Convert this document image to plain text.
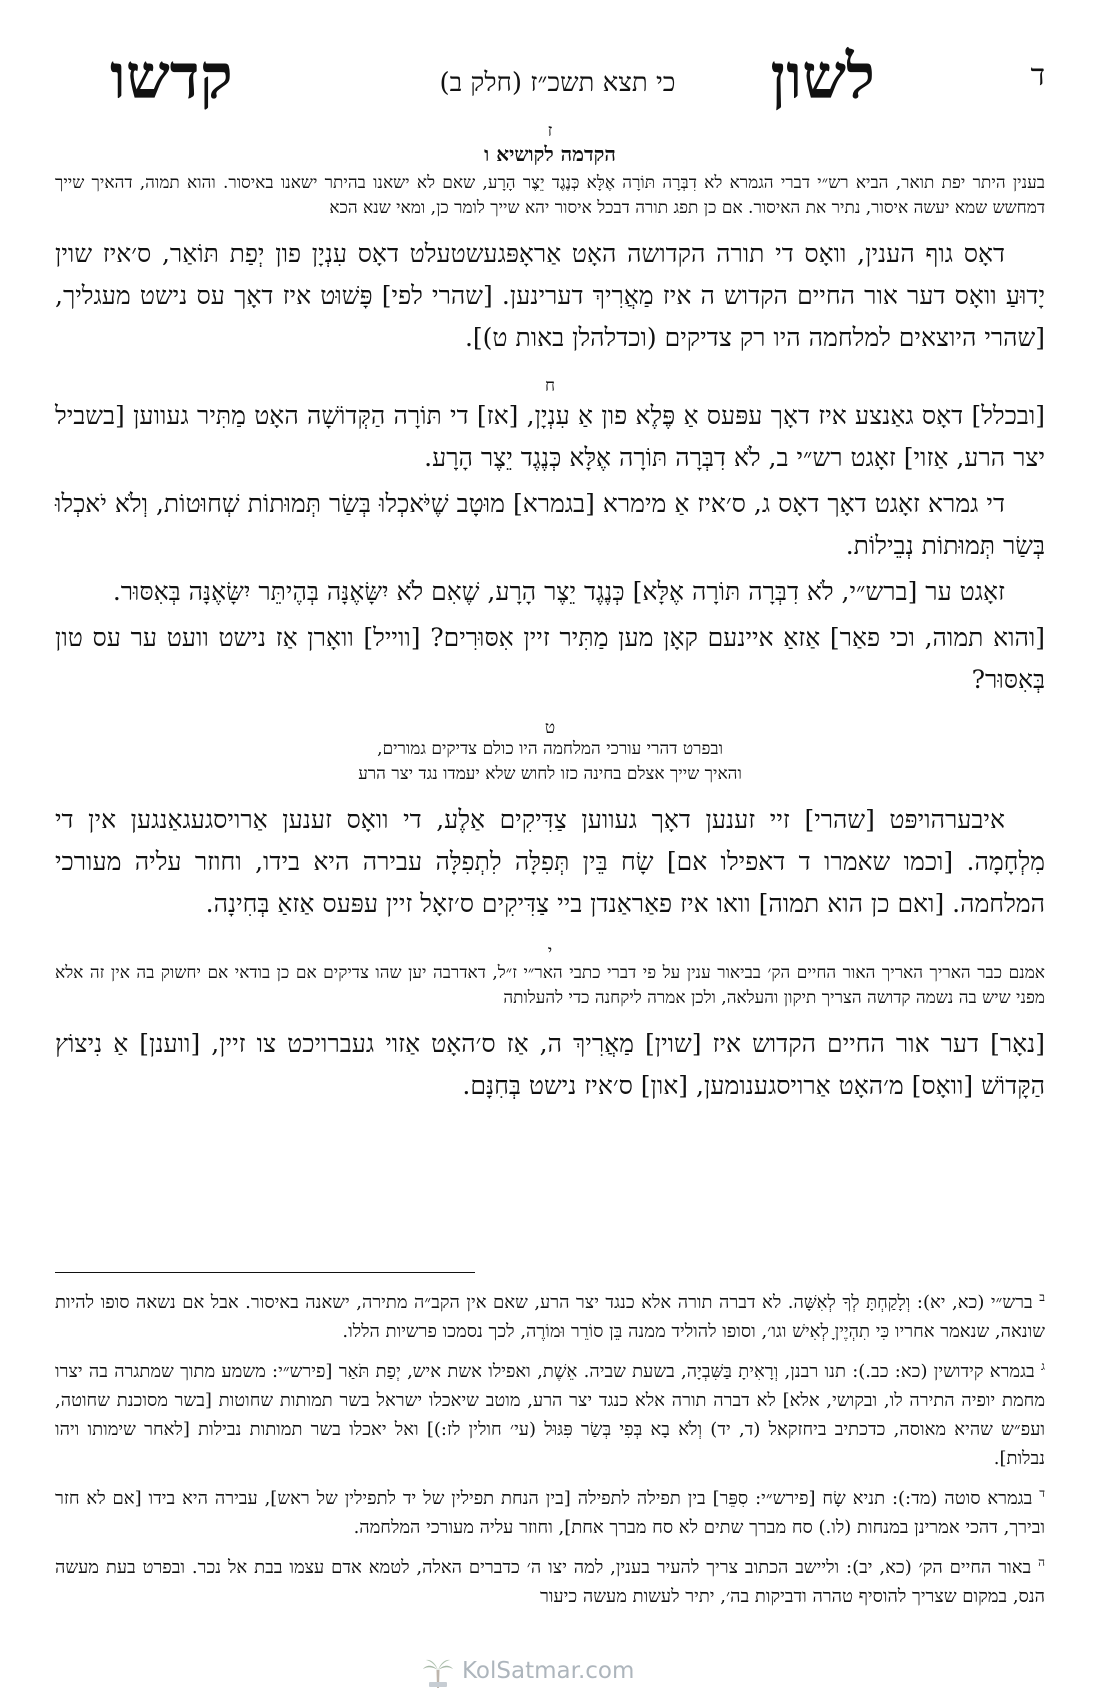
ד
לשון
כי תצא תשכ״ז (חלק ב)
קדשו

ז

הקדמה לקושיא ו

בענין היתר יפת תואר, הביא רש״י דברי הגמרא לא דִבְּרָה תּוֹרָה אֶלָּא כְּנֶגֶד יֵצֶר הָרָע, שאם לא ישאנו בהיתר ישאנו באיסור. והוא תמוה, דהאיך שייך דמחשש שמא יעשה איסור, נתיר את האיסור. אם כן תפג תורה דבכל איסור יהא שייך לומר כן, ומאי שנא הכא

דאָס גוף הענין, וואָס די תורה הקדושה האָט אַראָפּגעשטעלט דאָס עִנְיָן פון יְפַת תּוֹאַר, ס׳איז שוין יָדוּעַ וואָס דער אור החיים הקדוש ה איז מַאֲרִיךְ דערינען. [שהרי לפי] פָּשׁוּט איז דאָך עס נישט מעגליך, [שהרי היוצאים למלחמה היו רק צדיקים (וכדלהלן באות ט)].

ח

[ובכלל] דאָס גאַנצע איז דאָך עפּעס אַ פֶּלֶא פון אַ עִנְיָן, [אז] די תּוֹרָה הַקְּדוֹשָׁה האָט מַתִּיר געווען [בשביל יצר הרע, אַזוי] זאָגט רש״י ב, לֹא דִבְּרָה תּוֹרָה אֶלָּא כְּנֶגֶד יֵצֶר הָרָע.

די גמרא זאָגט דאָך דאָס ג, ס׳איז אַ מימרא [בגמרא] מוּטָב שֶׁיֹּאכְלוּ בְּשַׂר תְּמוּתוֹת שְׁחוּטוֹת, וְלֹא יֹאכְלוּ בְּשַׂר תְּמוּתוֹת נְבֵילוֹת.

זאָגט ער [ברש״י, לֹא דִבְּרָה תּוֹרָה אֶלָּא] כְּנֶגֶד יֵצֶר הָרָע, שֶׁאִם לֹא יִשָּׂאֶנָּה בְּהֶיתֵּר יִשָּׂאֶנָּה בְּאִסּוּר.

[והוא תמוה, וכי פאַר] אַזאַ איינעם קאָן מען מַתִּיר זיין אִסּוּרִים? [ווייל] וואָרן אַז נישט וועט ער עס טון בְּאִסּוּר?

ט

ובפרט דהרי עורכי המלחמה היו כולם צדיקים גמורים,

והאיך שייך אצלם בחינה כזו לחוש שלא יעמדו נגד יצר הרע

איבערהויפּט [שהרי] זיי זענען דאָך געווען צַדִּיקִים אַלֶע, די וואָס זענען אַרויסגעגאַנגען אין די מִלְחָמָה. [וכמו שאמרו ד דאפילו אם] שָׂח בֵּין תְּפִלָּה לִתְפִלָּה עבירה היא בידו, וחוזר עליה מעורכי המלחמה. [ואם כן הוא תמוה] וואו איז פאַראַנדן ביי צַדִּיקִים ס׳זאָל זיין עפּעס אַזאַ בְּחִינָה.

י

אמנם כבר האריך האריך האור החיים הק׳ בביאור ענין על פי דברי כתבי האר״י ז״ל, דאדרבה יען שהו צדיקים אם כן בודאי אם יחשוק בה אין זה אלא מפני שיש בה נשמה קדושה הצריך תיקון והעלאה, ולכן אמרה ליקחנה כדי להעלותה

[נאָר] דער אור החיים הקדוש איז [שוין] מַאֲרִיךְ ה, אַז ס׳האָט אַזוי געברויכט צו זיין, [ווענן] אַ נִיצוֹץ הַקָּדוֹשׁ [וואָס] מ׳האָט אַרויסגענומען, [און] ס׳איז נישט בְּחִנָּם.

$^ב$ ברש״י (כא, יא): וְלָקַחְתָּ לְךָ לְאִשָּׁה. לא דברה תורה אלא כנגד יצר הרע, שאם אין הקב״ה מתירה, ישאנה באיסור. אבל אם נשאה סופו להיות שונאה, שנאמר אחריו כִּי תִהְיֶיןָ לְאִישׁ וגו׳, וסופו להוליד ממנה בֵּן סוֹרֵר וּמוֹרֶה, לכך נסמכו פרשיות הללו.

$^ג$ בגמרא קידושין (כא: כב.): תנו רבנן, וְרָאִיתָ בַּשִּׁבְיָה, בשעת שביה. אֵשֶׁת, ואפילו אשת איש, יְפַת תֹּאַר [פירש״י: משמע מתוך שמתגרה בה יצרו מחמת יופיה התירה לו, ובקושי, אלא] לא דברה תורה אלא כנגד יצר הרע, מוטב שיאכלו ישראל בשר תמותות שחוטות [בשר מסוכנת שחוטה, ועפ״ש שהיא מאוסה, כדכתיב ביחזקאל (ד, יד) וְלֹא בָא בְּפִי בְּשַׂר פִּגּוּל (עי׳ חולין לז:)] ואל יאכלו בשר תמותות נבילות [לאחר שימותו ויהו נבלות].

$^ד$ בגמרא סוטה (מד:): תניא שָׂח [פירש״י: סִפֵּר] בין תפילה לתפילה [בין הנחת תפילין של יד לתפילין של ראש], עבירה היא בידו [אם לא חזר ובירך, דהכי אמרינן במנחות (לו.) סח מברך שתים לא סח מברך אחת], וחוזר עליה מעורכי המלחמה.

$^ה$ באור החיים הק׳ (כא, יב): וליישב הכתוב צריך להעיר בענין, למה יצו ה׳ כדברים האלה, לטמא אדם עצמו בבת אל נכר. ובפרט בעת מעשה הנס, במקום שצריך להוסיף טהרה ודביקות בה׳, יתיר לעשות מעשה כיעור

KolSatmar.com
